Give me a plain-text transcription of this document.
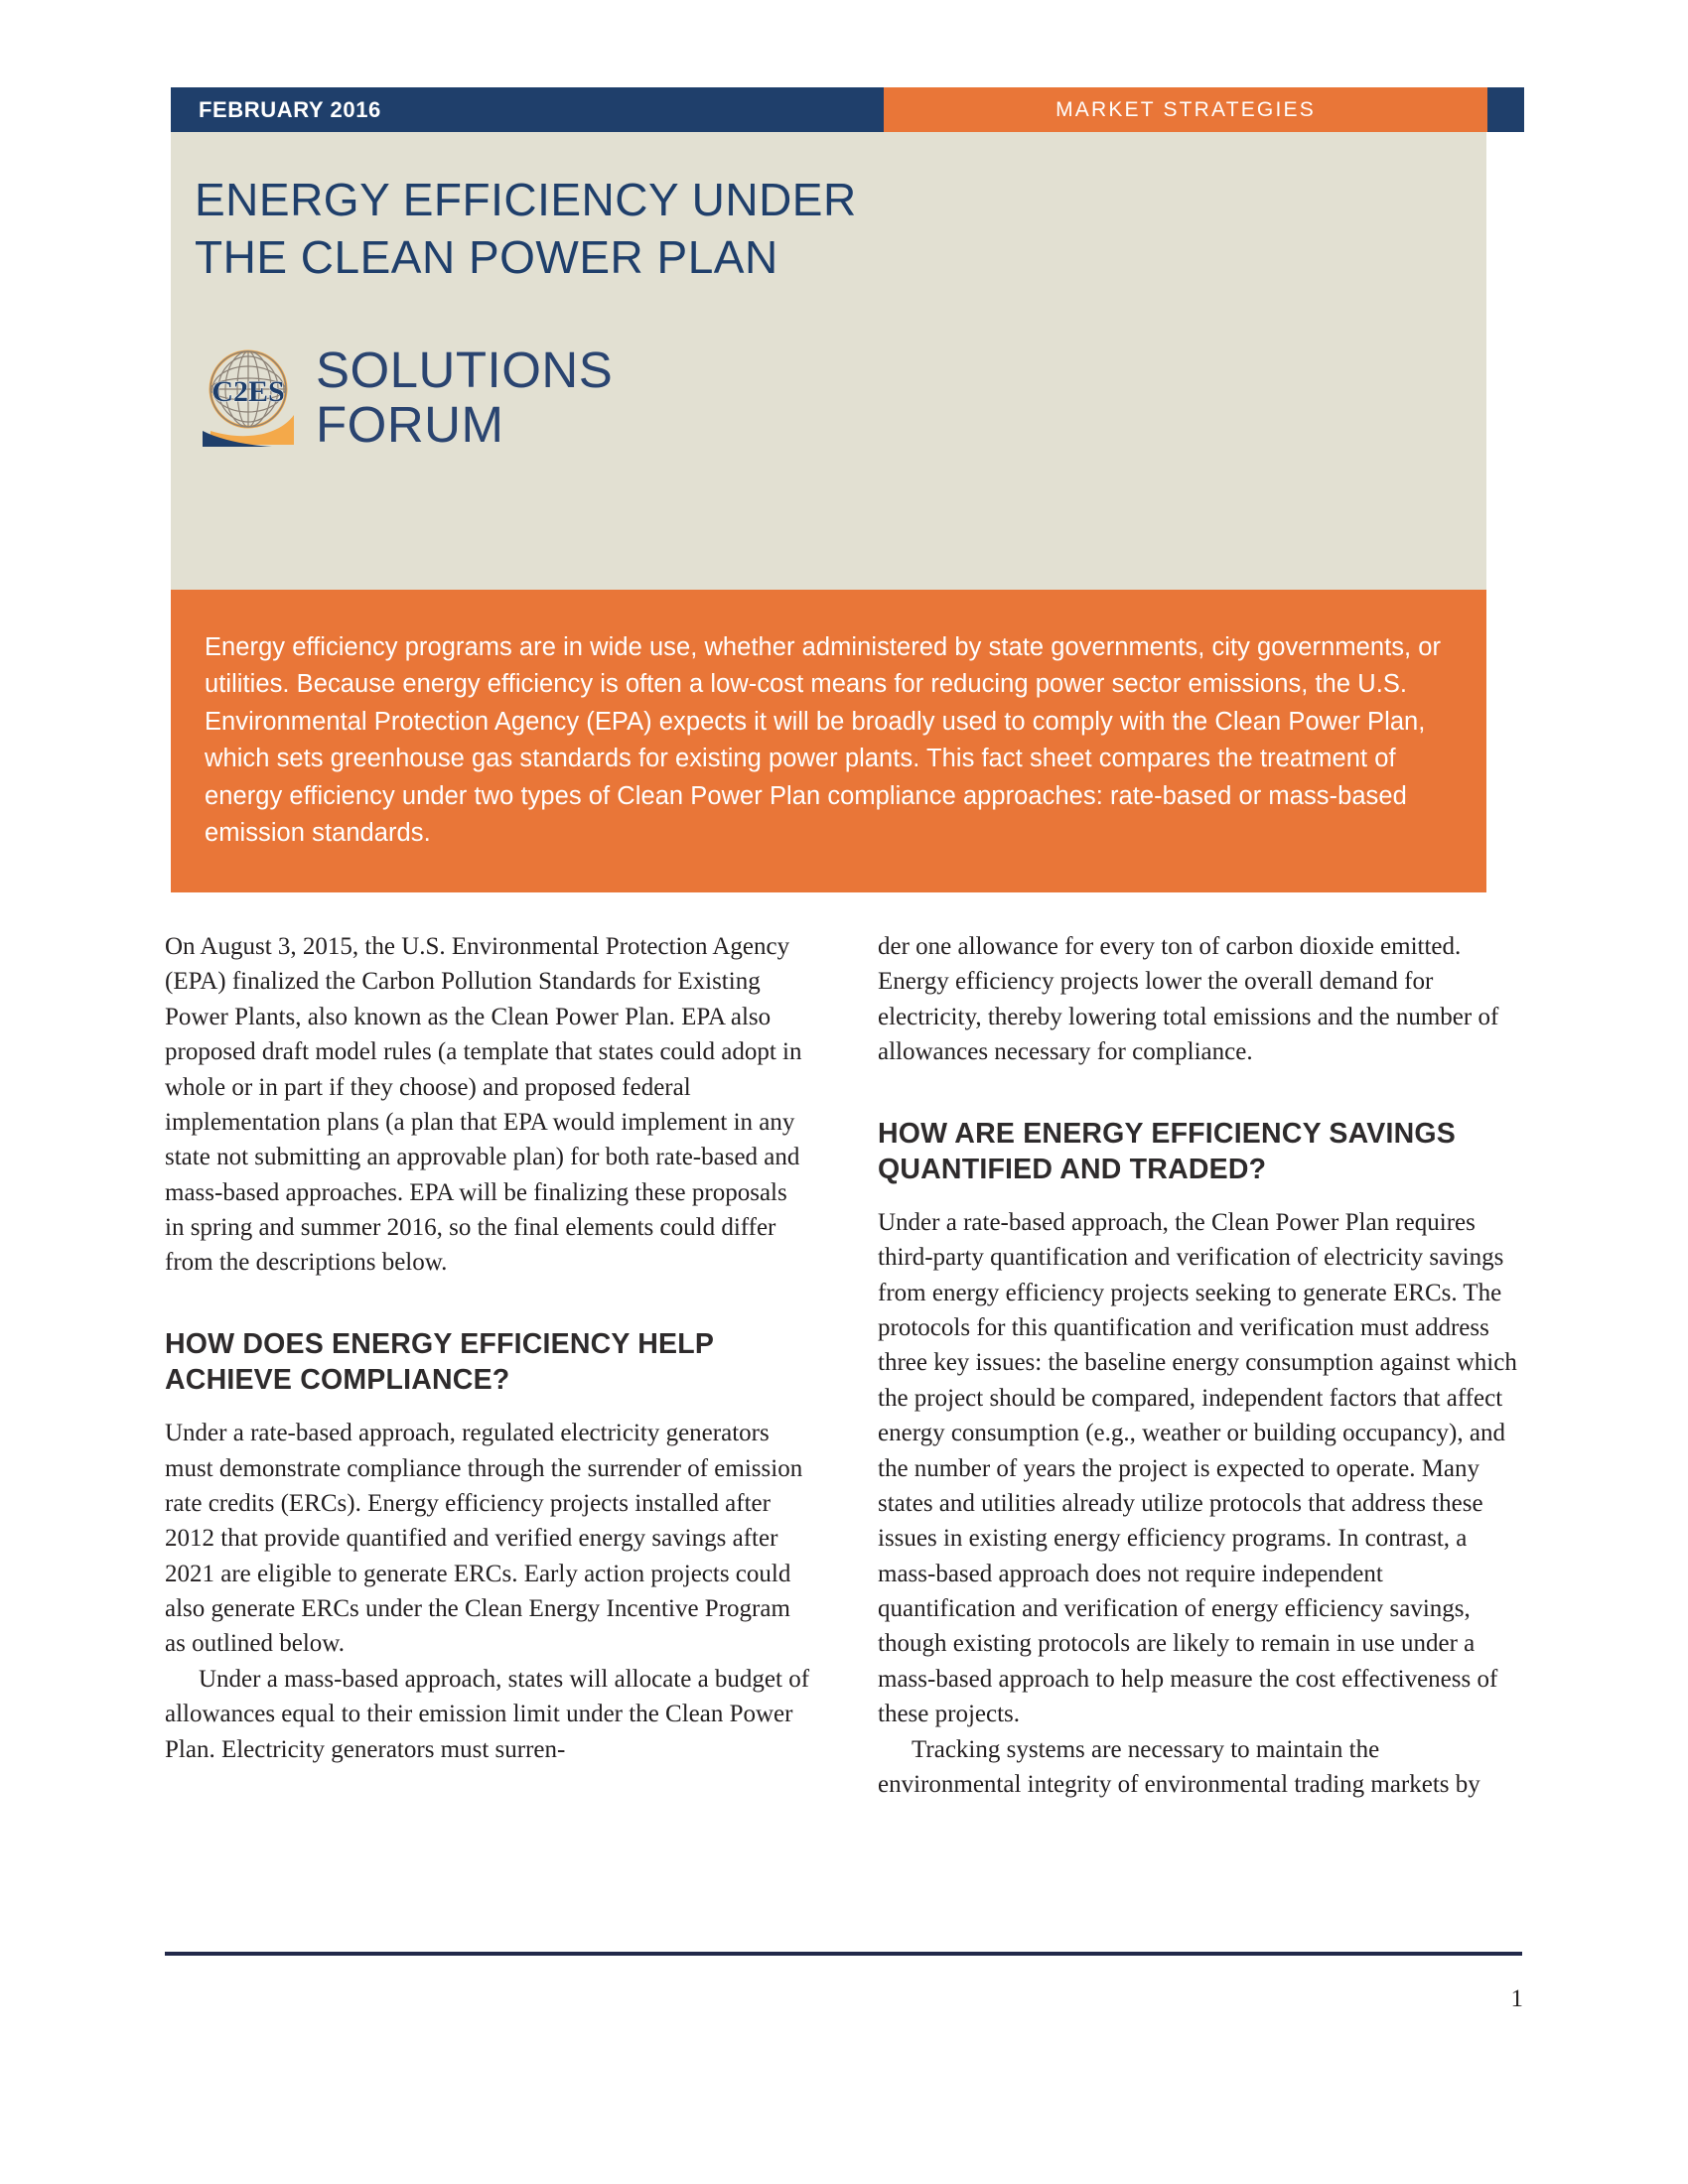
FEBRUARY 2016	MARKET STRATEGIES
ENERGY EFFICIENCY UNDER
THE CLEAN POWER PLAN
C2ES SOLUTIONS
FORUM

Energy efficiency programs are in wide use, whether administered by state governments, city governments, or utilities. Because energy efficiency is often a low-cost means for reducing power sector emissions, the U.S. Environmental Protection Agency (EPA) expects it will be broadly used to comply with the Clean Power Plan, which sets greenhouse gas standards for existing power plants. This fact sheet compares the treatment of energy efficiency under two types of Clean Power Plan compliance approaches: rate-based or mass-based emission standards.

On August 3, 2015, the U.S. Environmental Protection Agency (EPA) finalized the Carbon Pollution Standards for Existing Power Plants, also known as the Clean Power Plan. EPA also proposed draft model rules (a template that states could adopt in whole or in part if they choose) and proposed federal implementation plans (a plan that EPA would implement in any state not submitting an approvable plan) for both rate-based and mass-based approaches. EPA will be finalizing these proposals in spring and summer 2016, so the final elements could differ from the descriptions below.

HOW DOES ENERGY EFFICIENCY HELP ACHIEVE COMPLIANCE?

Under a rate-based approach, regulated electricity generators must demonstrate compliance through the surrender of emission rate credits (ERCs). Energy efficiency projects installed after 2012 that provide quantified and verified energy savings after 2021 are eligible to generate ERCs. Early action projects could also generate ERCs under the Clean Energy Incentive Program as outlined below.

Under a mass-based approach, states will allocate a budget of allowances equal to their emission limit under the Clean Power Plan. Electricity generators must surren-

der one allowance for every ton of carbon dioxide emitted. Energy efficiency projects lower the overall demand for electricity, thereby lowering total emissions and the number of allowances necessary for compliance.

HOW ARE ENERGY EFFICIENCY SAVINGS QUANTIFIED AND TRADED?

Under a rate-based approach, the Clean Power Plan requires third-party quantification and verification of electricity savings from energy efficiency projects seeking to generate ERCs. The protocols for this quantification and verification must address three key issues: the baseline energy consumption against which the project should be compared, independent factors that affect energy consumption (e.g., weather or building occupancy), and the number of years the project is expected to operate. Many states and utilities already utilize protocols that address these issues in existing energy efficiency programs. In contrast, a mass-based approach does not require independent quantification and verification of energy efficiency savings, though existing protocols are likely to remain in use under a mass-based approach to help measure the cost effectiveness of these projects.

Tracking systems are necessary to maintain the environmental integrity of environmental trading markets by

1
